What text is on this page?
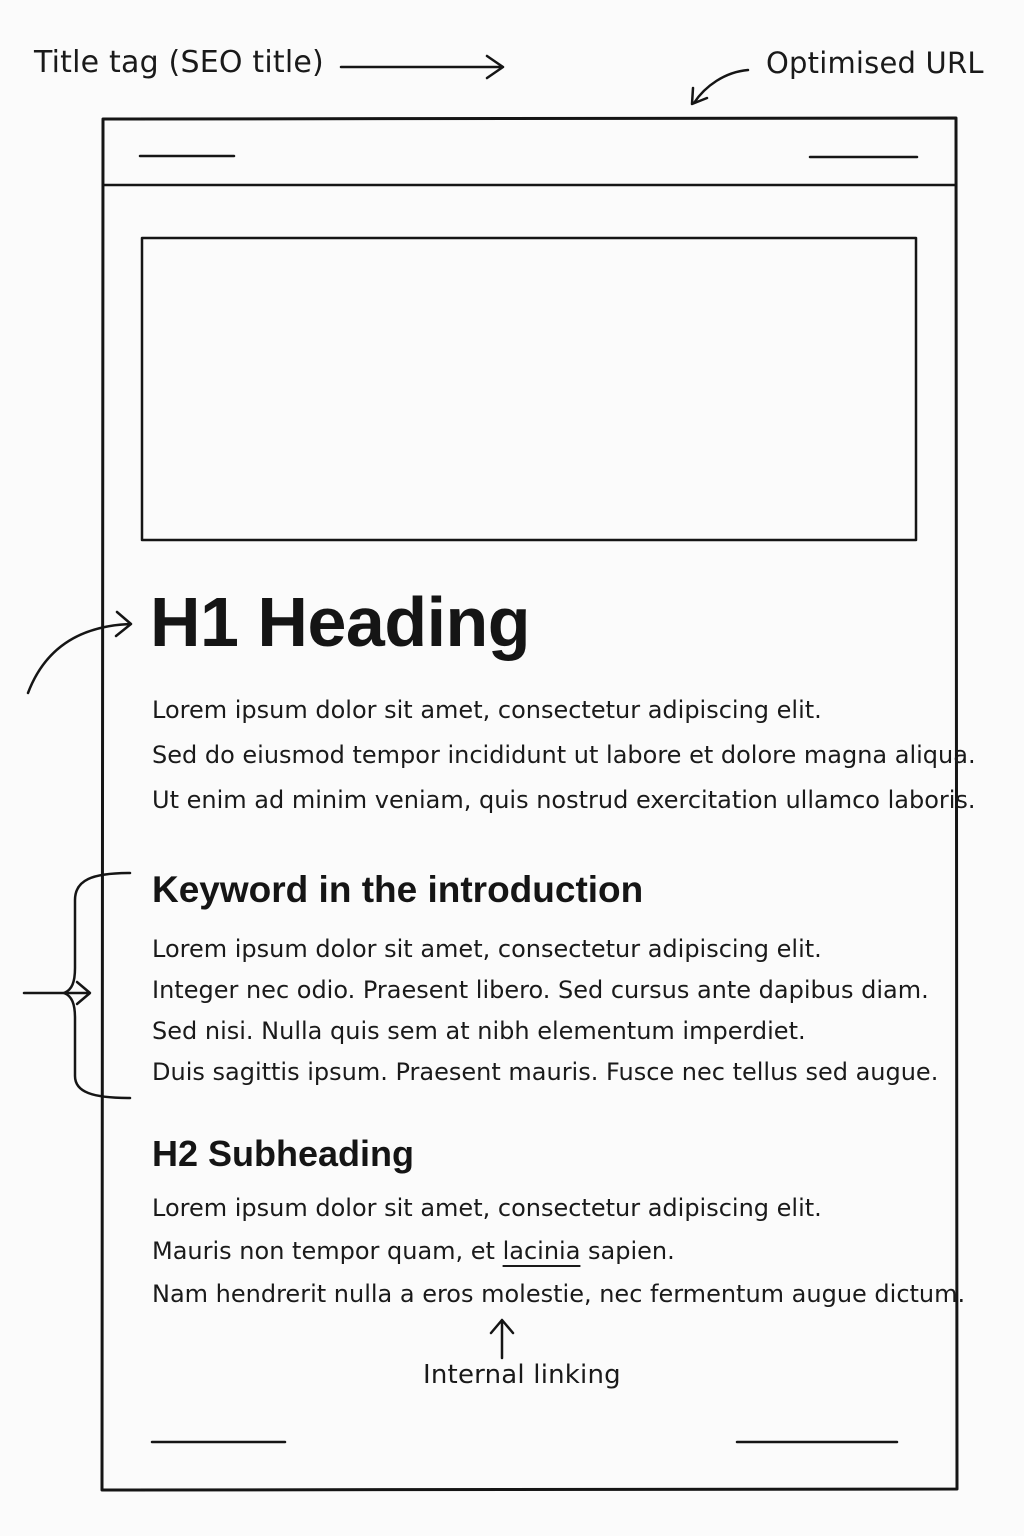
Title tag (SEO title)	Optimised URL
Internal linking
H1 Heading
Lorem ipsum dolor sit amet, consectetur adipiscing elit.
Sed do eiusmod tempor incididunt ut labore et dolore magna aliqua.
Ut enim ad minim veniam, quis nostrud exercitation ullamco laboris.
Keyword in the introduction
Lorem ipsum dolor sit amet, consectetur adipiscing elit.
Integer nec odio. Praesent libero. Sed cursus ante dapibus diam.
Sed nisi. Nulla quis sem at nibh elementum imperdiet.
Duis sagittis ipsum. Praesent mauris. Fusce nec tellus sed augue.
H2 Subheading
Lorem ipsum dolor sit amet, consectetur adipiscing elit.
Mauris non tempor quam, et lacinia sapien.
Nam hendrerit nulla a eros molestie, nec fermentum augue dictum.
